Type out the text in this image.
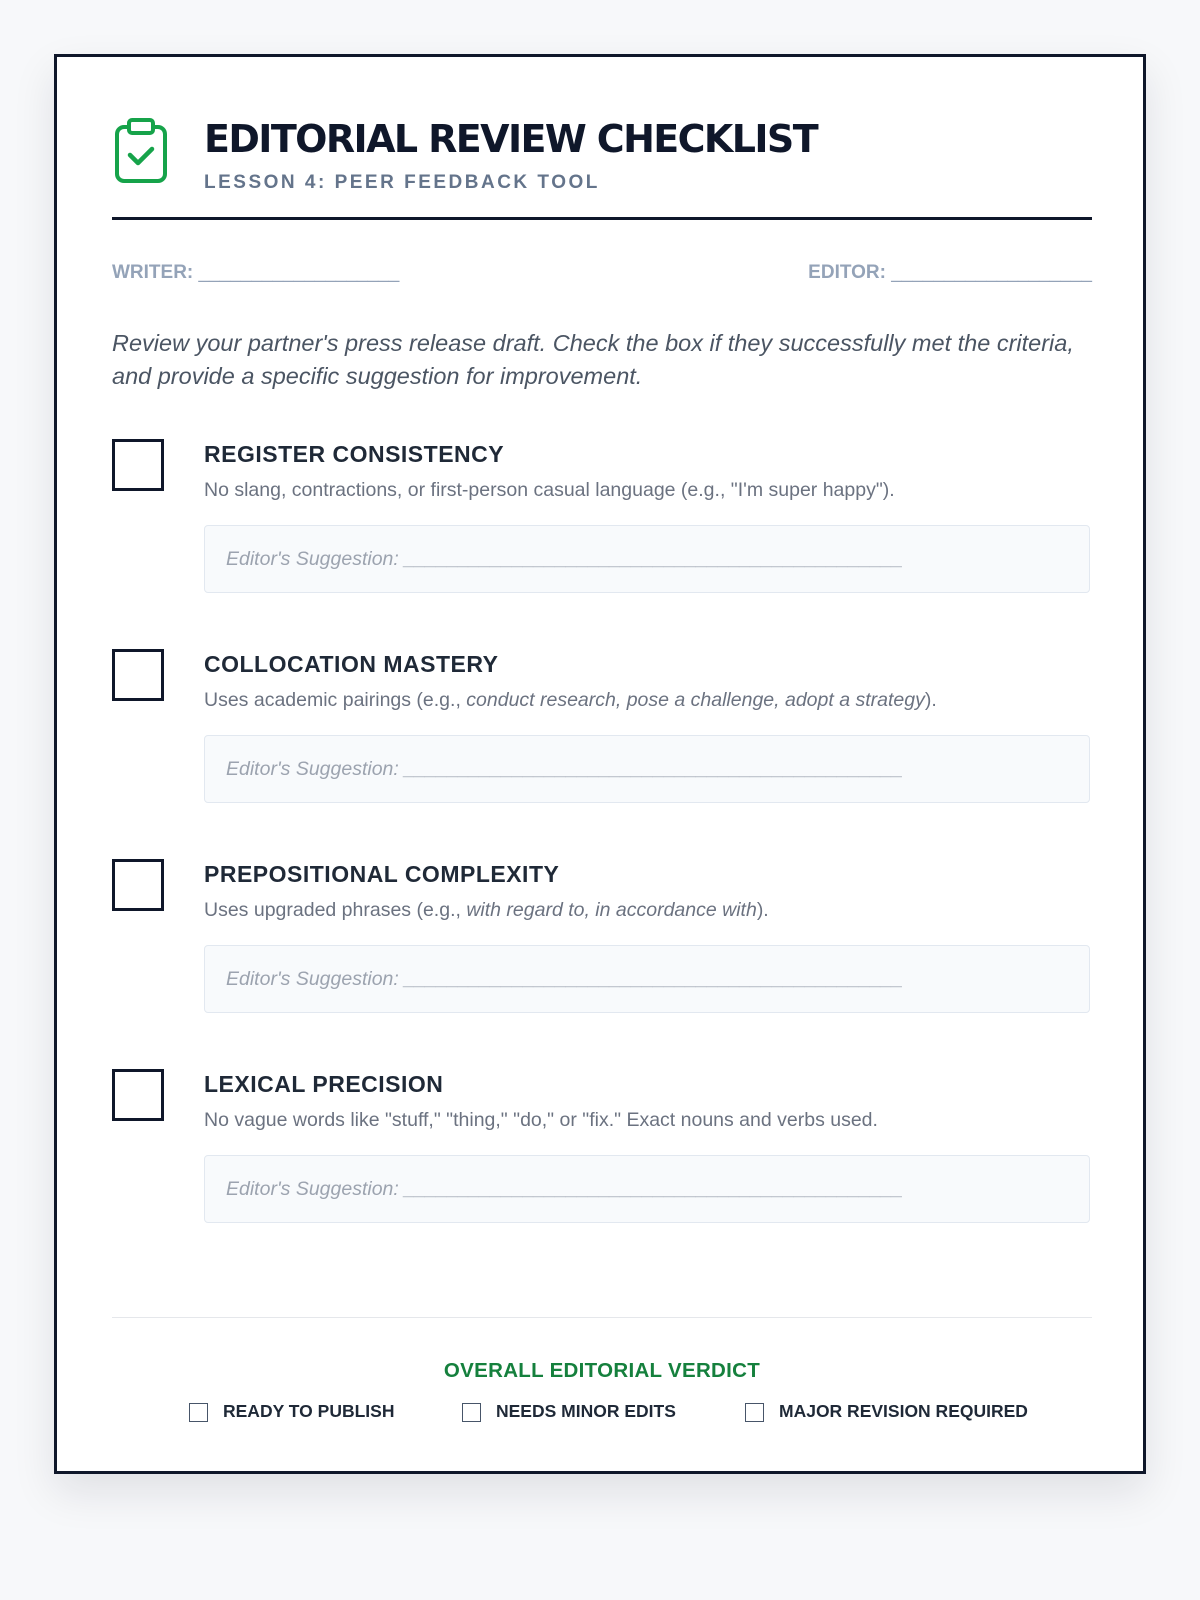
EDITORIAL REVIEW CHECKLIST
LESSON 4: PEER FEEDBACK TOOL
WRITER: ___________________	EDITOR: ___________________

Review your partner's press release draft. Check the box if they successfully met the criteria, and provide a specific suggestion for improvement.

REGISTER CONSISTENCY

No slang, contractions, or first-person casual language (e.g., "I'm super happy").

Editor's Suggestion: ______________________________________________
COLLOCATION MASTERY

Uses academic pairings (e.g., conduct research, pose a challenge, adopt a strategy).

Editor's Suggestion: ______________________________________________
PREPOSITIONAL COMPLEXITY

Uses upgraded phrases (e.g., with regard to, in accordance with).

Editor's Suggestion: ______________________________________________
LEXICAL PRECISION

No vague words like "stuff," "thing," "do," or "fix." Exact nouns and verbs used.

Editor's Suggestion: ______________________________________________
OVERALL EDITORIAL VERDICT
READY TO PUBLISH	NEEDS MINOR EDITS	MAJOR REVISION REQUIRED
